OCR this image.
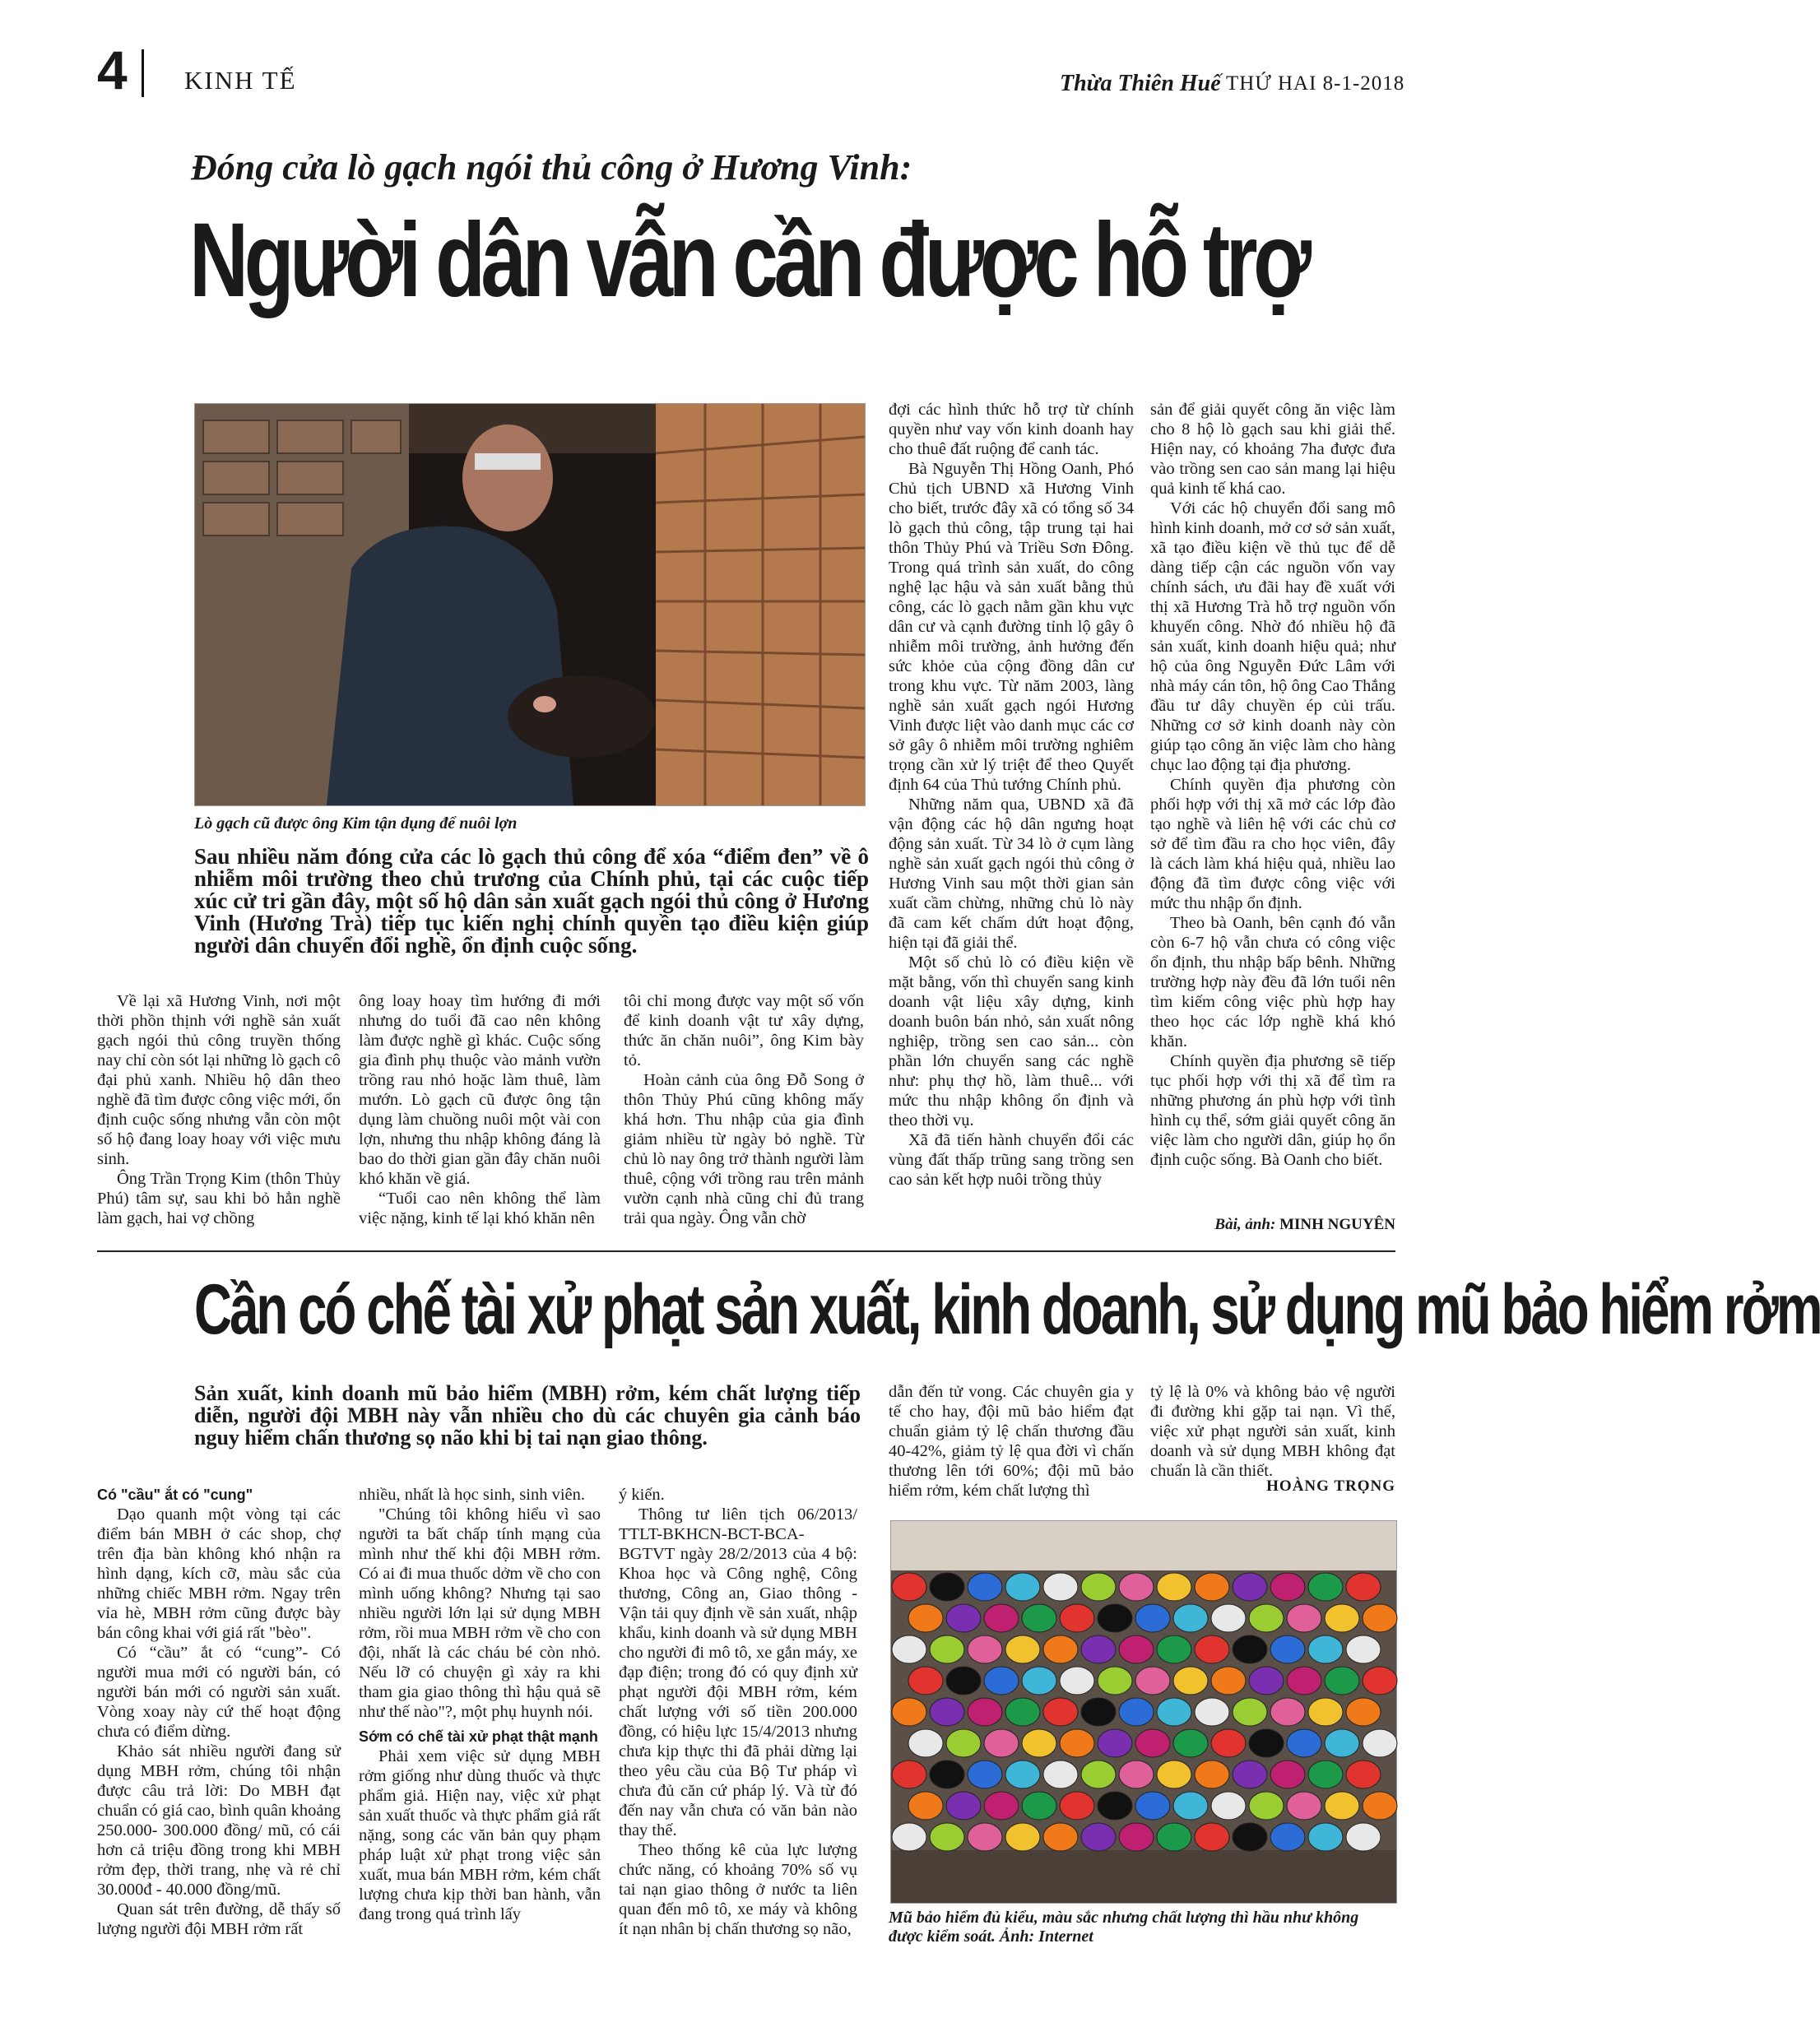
4 KINH TẾ	Thừa Thiên Huế THỨ HAI 8-1-2018
Đóng cửa lò gạch ngói thủ công ở Hương Vinh:
Người dân vẫn cần được hỗ trợ
Lò gạch cũ được ông Kim tận dụng để nuôi lợn
Sau nhiều năm đóng cửa các lò gạch thủ công để xóa “điểm đen” về ô nhiễm môi trường theo chủ trương của Chính phủ, tại các cuộc tiếp xúc cử tri gần đây, một số hộ dân sản xuất gạch ngói thủ công ở Hương Vinh (Hương Trà) tiếp tục kiến nghị chính quyền tạo điều kiện giúp người dân chuyển đổi nghề, ổn định cuộc sống.

Về lại xã Hương Vinh, nơi một thời phồn thịnh với nghề sản xuất gạch ngói thủ công truyền thống nay chỉ còn sót lại những lò gạch cô đại phủ xanh. Nhiều hộ dân theo nghề đã tìm được công việc mới, ổn định cuộc sống nhưng vẫn còn một số hộ đang loay hoay với việc mưu sinh.

Ông Trần Trọng Kim (thôn Thủy Phú) tâm sự, sau khi bỏ hẳn nghề làm gạch, hai vợ chồng

ông loay hoay tìm hướng đi mới nhưng do tuổi đã cao nên không làm được nghề gì khác. Cuộc sống gia đình phụ thuộc vào mảnh vườn trồng rau nhỏ hoặc làm thuê, làm mướn. Lò gạch cũ được ông tận dụng làm chuồng nuôi một vài con lợn, nhưng thu nhập không đáng là bao do thời gian gần đây chăn nuôi khó khăn về giá.

“Tuổi cao nên không thể làm việc nặng, kinh tế lại khó khăn nên

tôi chỉ mong được vay một số vốn để kinh doanh vật tư xây dựng, thức ăn chăn nuôi”, ông Kim bày tỏ.

Hoàn cảnh của ông Đỗ Song ở thôn Thủy Phú cũng không mấy khá hơn. Thu nhập của gia đình giảm nhiều từ ngày bỏ nghề. Từ chủ lò nay ông trở thành người làm thuê, cộng với trồng rau trên mảnh vườn cạnh nhà cũng chỉ đủ trang trải qua ngày. Ông vẫn chờ

đợi các hình thức hỗ trợ từ chính quyền như vay vốn kinh doanh hay cho thuê đất ruộng để canh tác.

Bà Nguyễn Thị Hồng Oanh, Phó Chủ tịch UBND xã Hương Vinh cho biết, trước đây xã có tổng số 34 lò gạch thủ công, tập trung tại hai thôn Thủy Phú và Triều Sơn Đông. Trong quá trình sản xuất, do công nghệ lạc hậu và sản xuất bằng thủ công, các lò gạch nằm gần khu vực dân cư và cạnh đường tỉnh lộ gây ô nhiễm môi trường, ảnh hưởng đến sức khỏe của cộng đồng dân cư trong khu vực. Từ năm 2003, làng nghề sản xuất gạch ngói Hương Vinh được liệt vào danh mục các cơ sở gây ô nhiễm môi trường nghiêm trọng cần xử lý triệt để theo Quyết định 64 của Thủ tướng Chính phủ.

Những năm qua, UBND xã đã vận động các hộ dân ngưng hoạt động sản xuất. Từ 34 lò ở cụm làng nghề sản xuất gạch ngói thủ công ở Hương Vinh sau một thời gian sản xuất cầm chừng, những chủ lò này đã cam kết chấm dứt hoạt động, hiện tại đã giải thể.

Một số chủ lò có điều kiện về mặt bằng, vốn thì chuyển sang kinh doanh vật liệu xây dựng, kinh doanh buôn bán nhỏ, sản xuất nông nghiệp, trồng sen cao sản... còn phần lớn chuyển sang các nghề như: phụ thợ hồ, làm thuê... với mức thu nhập không ổn định và theo thời vụ.

Xã đã tiến hành chuyển đổi các vùng đất thấp trũng sang trồng sen cao sản kết hợp nuôi trồng thủy

sản để giải quyết công ăn việc làm cho 8 hộ lò gạch sau khi giải thể. Hiện nay, có khoảng 7ha được đưa vào trồng sen cao sản mang lại hiệu quả kinh tế khá cao.

Với các hộ chuyển đổi sang mô hình kinh doanh, mở cơ sở sản xuất, xã tạo điều kiện về thủ tục để dễ dàng tiếp cận các nguồn vốn vay chính sách, ưu đãi hay đề xuất với thị xã Hương Trà hỗ trợ nguồn vốn khuyến công. Nhờ đó nhiều hộ đã sản xuất, kinh doanh hiệu quả; như hộ của ông Nguyễn Đức Lâm với nhà máy cán tôn, hộ ông Cao Thắng đầu tư dây chuyền ép củi trấu. Những cơ sở kinh doanh này còn giúp tạo công ăn việc làm cho hàng chục lao động tại địa phương.

Chính quyền địa phương còn phối hợp với thị xã mở các lớp đào tạo nghề và liên hệ với các chủ cơ sở để tìm đầu ra cho học viên, đây là cách làm khá hiệu quả, nhiều lao động đã tìm được công việc với mức thu nhập ổn định.

Theo bà Oanh, bên cạnh đó vẫn còn 6-7 hộ vẫn chưa có công việc ổn định, thu nhập bấp bênh. Những trường hợp này đều đã lớn tuổi nên tìm kiếm công việc phù hợp hay theo học các lớp nghề khá khó khăn.

Chính quyền địa phương sẽ tiếp tục phối hợp với thị xã để tìm ra những phương án phù hợp với tình hình cụ thể, sớm giải quyết công ăn việc làm cho người dân, giúp họ ổn định cuộc sống. Bà Oanh cho biết.

Bài, ảnh: MINH NGUYÊN
Cần có chế tài xử phạt sản xuất, kinh doanh, sử dụng mũ bảo hiểm rởm
Sản xuất, kinh doanh mũ bảo hiểm (MBH) rởm, kém chất lượng tiếp diễn, người đội MBH này vẫn nhiều cho dù các chuyên gia cảnh báo nguy hiểm chấn thương sọ não khi bị tai nạn giao thông.

Có "cầu" ắt có "cung"

Dạo quanh một vòng tại các điểm bán MBH ở các shop, chợ trên địa bàn không khó nhận ra hình dạng, kích cỡ, màu sắc của những chiếc MBH rởm. Ngay trên vỉa hè, MBH rởm cũng được bày bán công khai với giá rất "bèo".

Có “cầu” ắt có “cung”- Có người mua mới có người bán, có người bán mới có người sản xuất. Vòng xoay này cứ thế hoạt động chưa có điểm dừng.

Khảo sát nhiều người đang sử dụng MBH rởm, chúng tôi nhận được câu trả lời: Do MBH đạt chuẩn có giá cao, bình quân khoảng 250.000- 300.000 đồng/ mũ, có cái hơn cả triệu đồng trong khi MBH rởm đẹp, thời trang, nhẹ và rẻ chỉ 30.000đ - 40.000 đồng/mũ.

Quan sát trên đường, dễ thấy số lượng người đội MBH rởm rất

nhiều, nhất là học sinh, sinh viên.

"Chúng tôi không hiểu vì sao người ta bất chấp tính mạng của mình như thế khi đội MBH rởm. Có ai đi mua thuốc dởm về cho con mình uống không? Nhưng tại sao nhiều người lớn lại sử dụng MBH rởm, rồi mua MBH rởm về cho con đội, nhất là các cháu bé còn nhỏ. Nếu lỡ có chuyện gì xảy ra khi tham gia giao thông thì hậu quả sẽ như thế nào"?, một phụ huynh nói.

Sớm có chế tài xử phạt thật mạnh

Phải xem việc sử dụng MBH rởm giống như dùng thuốc và thực phẩm giả. Hiện nay, việc xử phạt sản xuất thuốc và thực phẩm giả rất nặng, song các văn bản quy phạm pháp luật xử phạt trong việc sản xuất, mua bán MBH rởm, kém chất lượng chưa kịp thời ban hành, vẫn đang trong quá trình lấy

ý kiến.

Thông tư liên tịch 06/2013/ TTLT-BKHCN-BCT-BCA-BGTVT ngày 28/2/2013 của 4 bộ: Khoa học và Công nghệ, Công thương, Công an, Giao thông - Vận tải quy định về sản xuất, nhập khẩu, kinh doanh và sử dụng MBH cho người đi mô tô, xe gắn máy, xe đạp điện; trong đó có quy định xử phạt người đội MBH rởm, kém chất lượng với số tiền 200.000 đồng, có hiệu lực 15/4/2013 nhưng chưa kịp thực thi đã phải dừng lại theo yêu cầu của Bộ Tư pháp vì chưa đủ căn cứ pháp lý. Và từ đó đến nay vẫn chưa có văn bản nào thay thế.

Theo thống kê của lực lượng chức năng, có khoảng 70% số vụ tai nạn giao thông ở nước ta liên quan đến mô tô, xe máy và không ít nạn nhân bị chấn thương sọ não,

dẫn đến tử vong. Các chuyên gia y tế cho hay, đội mũ bảo hiểm đạt chuẩn giảm tỷ lệ chấn thương đầu 40-42%, giảm tỷ lệ qua đời vì chấn thương lên tới 60%; đội mũ bảo hiểm rởm, kém chất lượng thì

tỷ lệ là 0% và không bảo vệ người đi đường khi gặp tai nạn. Vì thế, việc xử phạt người sản xuất, kinh doanh và sử dụng MBH không đạt chuẩn là cần thiết.

HOÀNG TRỌNG
Mũ bảo hiểm đủ kiểu, màu sắc nhưng chất lượng thì hầu như không được kiểm soát. Ảnh: Internet
